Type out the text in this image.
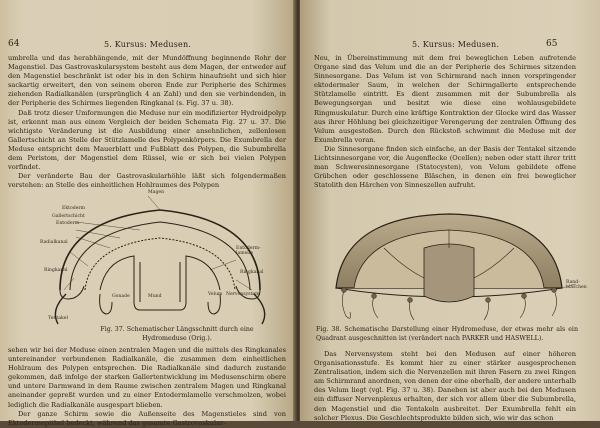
64	5. Kursus: Medusen.

umbrella und das herabhängende, mit der Mundöffnung beginnende Rohr der Magenstiel. Das Gastrovaskularsystem besteht aus dem Magen, der entweder auf den Magenstiel beschränkt ist oder bis in den Schirm hinaufzieht und sich hier sackartig erweitert, den von seinem oberen Ende zur Peripherie des Schirmes ziehenden Radialkanälen (ursprünglich 4 an Zahl) und den sie verbindenden, in der Peripherie des Schirmes liegenden Ringkanal (s. Fig. 37 u. 38).

Daß trotz dieser Umformungen die Meduse nur ein modifizierter Hydroidpolyp ist, erkennt man aus einem Vergleich der beiden Schemata Fig. 27 u. 37. Die wichtigste Veränderung ist die Ausbildung einer ansehnlichen, zellenlosen Gallertschicht an Stelle der Stützlamelle des Polypenkörpers. Die Exumbrella der Meduse entspricht dem Mauerblatt und Fußblatt des Polypen, die Subumbrella dem Peristom, der Magenstiel dem Rüssel, wie er sich bei vielen Polypen vorfindet.

Der veränderte Bau der Gastrovaskularhöhle läßt sich folgendermaßen verstehen: an Stelle des einheitlichen Hohlraumes des Polypen

Magen
Ektoderm
Gallertschicht
Entoderm
Radialkanal
Entoderm-lamelle
Ringkanal	Ringkanal
Gonade	Mund	Velum Nervensystem
Tentakel
Fig. 37. Schematischer Längsschnitt durch eine Hydromeduse (Orig.).

sehen wir bei der Meduse einen zentralen Magen und die mittels des Ringkanales untereinander verbundenen Radialkanäle, die zusammen dem einheitlichen Hohlraum des Polypen entsprechen. Die Radialkanäle sind dadurch zustande gekommen, daß infolge der starken Gallertentwicklung im Medusenschirm obere und untere Darmwand in dem Raume zwischen zentralem Magen und Ringkanal aneinander gepreßt wurden und zu einer Entodermlamelle verschmolzen, wobei lediglich die Radialkanäle ausgespart blieben.

Der ganze Schirm sowie die Außenseite des Magenstieles sind von Ektodermepithel bedeckt, während das gesamte Gastrovaskular-

5. Kursus: Medusen.	65

Neu, in Übereinstimmung mit dem frei beweglichen Leben aufretende Organe sind das Velum und die an der Peripherie des Schirmes sitzenden Sinnesorgane. Das Velum ist von Schirmrand nach innen vorspringender ektodermaler Saum, in welchen der Schirmgallerte entsprechende Stützlamelle eintritt. Es dient zusammen mit der Subumbrella als Bewegungsorgan und besitzt wie diese eine wohlausgebildete Ringmuskulatur. Durch eine kräftige Kontraktion der Glocke wird das Wasser aus ihrer Höhlung bei gleichzeitiger Verengerung der zentralen Öffnung des Velum ausgestoßen. Durch den Rückstoß schwimmt die Meduse mit der Exumbrella voran.

Die Sinnesorgane finden sich einfache, an der Basis der Tentakel sitzende Lichtsinnesorgane vor, die Augenflecke (Ocellen); neben oder statt ihrer tritt man Schweresinnesorgane (Statocysten), von Velum gebildete offene Grübchen oder geschlossene Bläschen, in denen ein frei beweglicher Statolith den Härchen von Sinneszellen aufruht.

Rand-bläschen
Fig. 38. Schematische Darstellung einer Hydromeduse, der etwas mehr als ein Quadrant ausgeschnitten ist (verändert nach PARKER und HASWELL).

Das Nervensystem steht bei den Medusen auf einer höheren Organisationsstufe. Es kommt hier zu einer stärker ausgesprochenen Zentralisation, indem sich die Nervenzellen mit ihren Fasern zu zwei Ringen am Schirmrand anordnen, von denen der eine oberhalb, der andere unterhalb des Velum liegt (vgl. Fig. 37 u. 38). Daneben ist aber auch bei den Medusen ein diffuser Nervenplexus erhalten, der sich vor allem über die Subumbrella, den Magenstiel und die Tentakeln ausbreitet. Der Exumbrella fehlt ein solcher Plexus. Die Geschlechtsprodukte bilden sich, wie wir das schon
